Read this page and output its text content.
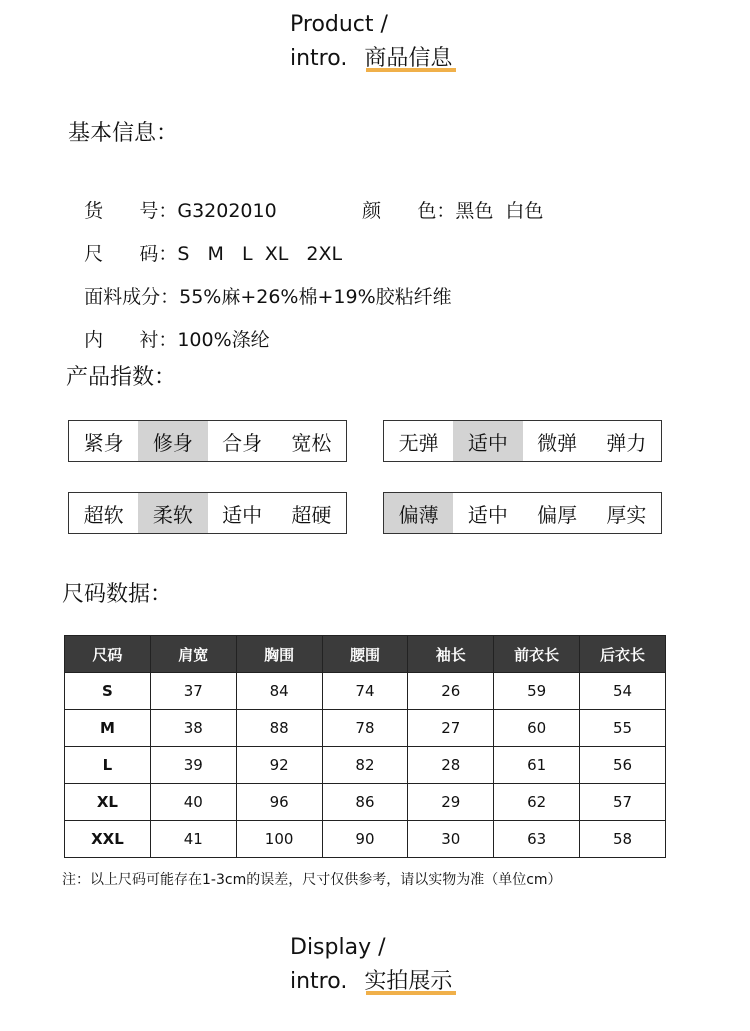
Product /
intro. 商品信息
基本信息：

货      号：G3202010	颜      色：黑色  白色

尺      码：S   M   L  XL   2XL

面料成分：55%麻+26%棉+19%胶粘纤维

内      衬：100%涤纶

产品指数：
紧身	修身	合身	宽松	无弹	适中	微弹	弹力
超软	柔软	适中	超硬	偏薄	适中	偏厚	厚实
尺码数据：
尺码	肩宽	胸围	腰围	袖长	前衣长	后衣长
S	37	84	74	26	59	54
M	38	88	78	27	60	55
L	39	92	82	28	61	56
XL	40	96	86	29	62	57
XXL	41	100	90	30	63	58
注：以上尺码可能存在1-3cm的误差，尺寸仅供参考，请以实物为准（单位cm）
Display /
intro. 实拍展示
